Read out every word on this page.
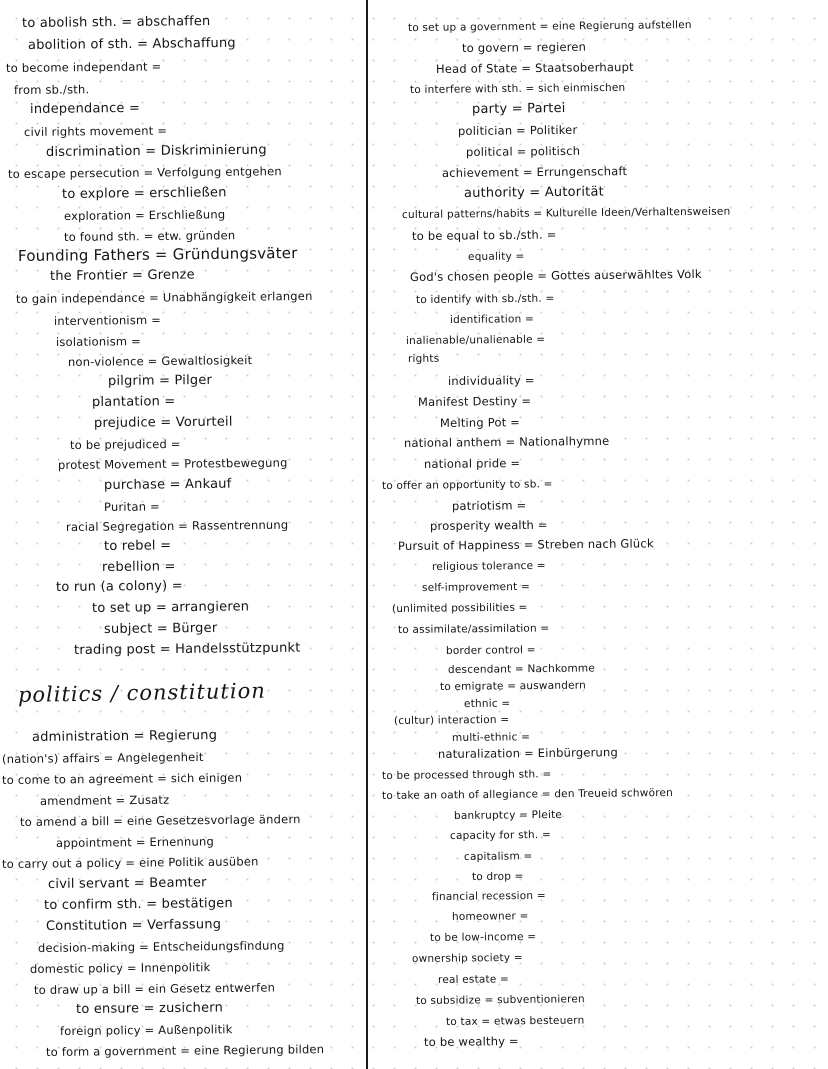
to abolish sth. = abschaffen
abolition of sth. = Abschaffung
to become independant =
from sb./sth.
independance =
civil rights movement =
discrimination = Diskriminierung
to escape persecution = Verfolgung entgehen
to explore = erschließen
exploration = Erschließung
to found sth. = etw. gründen
Founding Fathers = Gründungsväter
the Frontier = Grenze
to gain independance = Unabhängigkeit erlangen
interventionism =
isolationism =
non-violence = Gewaltlosigkeit
pilgrim = Pilger
plantation =
prejudice = Vorurteil
to be prejudiced =
protest Movement = Protestbewegung
purchase = Ankauf
Puritan =
racial Segregation = Rassentrennung
to rebel =
rebellion =
to run (a colony) =
to set up = arrangieren
subject = Bürger
trading post = Handelsstützpunkt
politics / constitution
administration = Regierung
(nation's) affairs = Angelegenheit
to come to an agreement = sich einigen
amendment = Zusatz
to amend a bill = eine Gesetzesvorlage ändern
appointment = Ernennung
to carry out a policy = eine Politik ausüben
civil servant = Beamter
to confirm sth. = bestätigen
Constitution = Verfassung
decision-making = Entscheidungsfindung
domestic policy = Innenpolitik
to draw up a bill = ein Gesetz entwerfen
to ensure = zusichern
foreign policy = Außenpolitik
to form a government = eine Regierung bilden
to set up a government = eine Regierung aufstellen
to govern = regieren
Head of State = Staatsoberhaupt
to interfere with sth. = sich einmischen
party = Partei
politician = Politiker
political = politisch
achievement = Errungenschaft
authority = Autorität
cultural patterns/habits = Kulturelle Ideen/Verhaltensweisen
to be equal to sb./sth. =
equality =
God's chosen people = Gottes auserwähltes Volk
to identify with sb./sth. =
identification =
inalienable/unalienable =
rights
individuality =
Manifest Destiny =
Melting Pot =
national anthem = Nationalhymne
national pride =
to offer an opportunity to sb. =
patriotism =
prosperity wealth =
Pursuit of Happiness = Streben nach Glück
religious tolerance =
self-improvement =
(unlimited possibilities =
to assimilate/assimilation =
border control =
descendant = Nachkomme
to emigrate = auswandern
ethnic =
(cultur) interaction =
multi-ethnic =
naturalization = Einbürgerung
to be processed through sth. =
to take an oath of allegiance = den Treueid schwören
bankruptcy = Pleite
capacity for sth. =
capitalism =
to drop =
financial recession =
homeowner =
to be low-income =
ownership society =
real estate =
to subsidize = subventionieren
to tax = etwas besteuern
to be wealthy =
